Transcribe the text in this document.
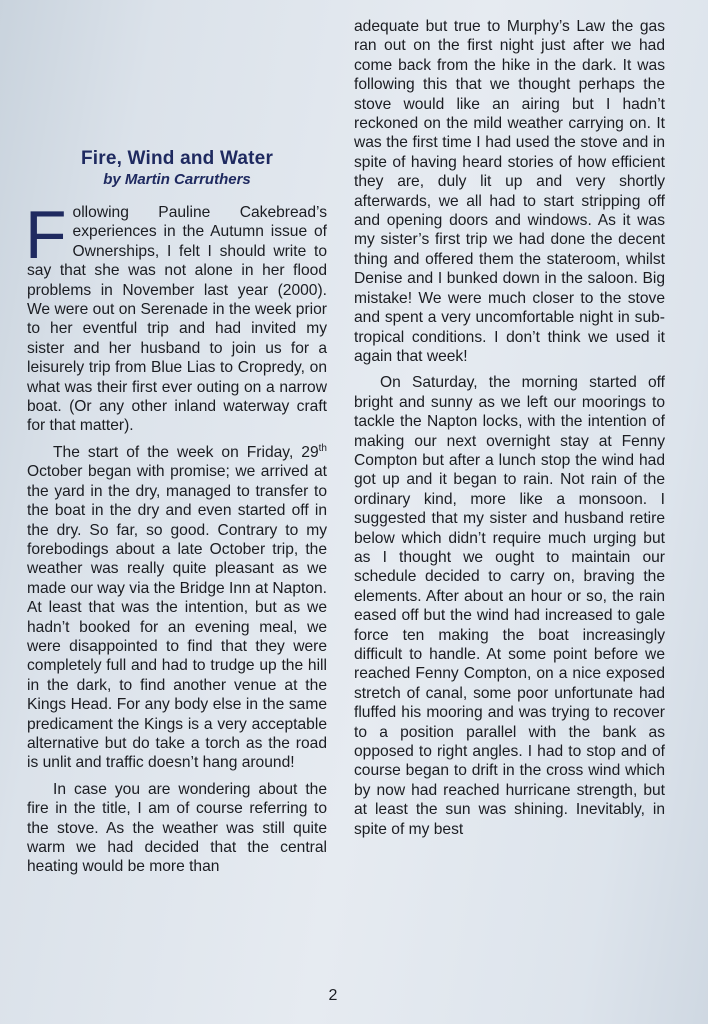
Fire, Wind and Water
by Martin Carruthers

Following Pauline Cakebread’s experiences in the Autumn issue of Ownerships, I felt I should write to say that she was not alone in her flood problems in November last year (2000). We were out on Serenade in the week prior to her eventful trip and had invited my sister and her husband to join us for a leisurely trip from Blue Lias to Cropredy, on what was their first ever outing on a narrow boat. (Or any other inland waterway craft for that matter).

The start of the week on Friday, 29th October began with promise; we arrived at the yard in the dry, managed to transfer to the boat in the dry and even started off in the dry. So far, so good. Contrary to my forebodings about a late October trip, the weather was really quite pleasant as we made our way via the Bridge Inn at Napton. At least that was the intention, but as we hadn’t booked for an evening meal, we were disappointed to find that they were completely full and had to trudge up the hill in the dark, to find another venue at the Kings Head. For any body else in the same predicament the Kings is a very acceptable alternative but do take a torch as the road is unlit and traffic doesn’t hang around!

In case you are wondering about the fire in the title, I am of course referring to the stove. As the weather was still quite warm we had decided that the central heating would be more than

adequate but true to Murphy’s Law the gas ran out on the first night just after we had come back from the hike in the dark. It was following this that we thought perhaps the stove would like an airing but I hadn’t reckoned on the mild weather carrying on. It was the first time I had used the stove and in spite of having heard stories of how efficient they are, duly lit up and very shortly afterwards, we all had to start stripping off and opening doors and windows. As it was my sister’s first trip we had done the decent thing and offered them the stateroom, whilst Denise and I bunked down in the saloon. Big mistake! We were much closer to the stove and spent a very uncomfortable night in sub-tropical conditions. I don’t think we used it again that week!

On Saturday, the morning started off bright and sunny as we left our moorings to tackle the Napton locks, with the intention of making our next overnight stay at Fenny Compton but after a lunch stop the wind had got up and it began to rain. Not rain of the ordinary kind, more like a monsoon. I suggested that my sister and husband retire below which didn’t require much urging but as I thought we ought to maintain our schedule decided to carry on, braving the elements. After about an hour or so, the rain eased off but the wind had increased to gale force ten making the boat increasingly difficult to handle. At some point before we reached Fenny Compton, on a nice exposed stretch of canal, some poor unfortunate had fluffed his mooring and was trying to recover to a position parallel with the bank as opposed to right angles. I had to stop and of course began to drift in the cross wind which by now had reached hurricane strength, but at least the sun was shining. Inevitably, in spite of my best

2
